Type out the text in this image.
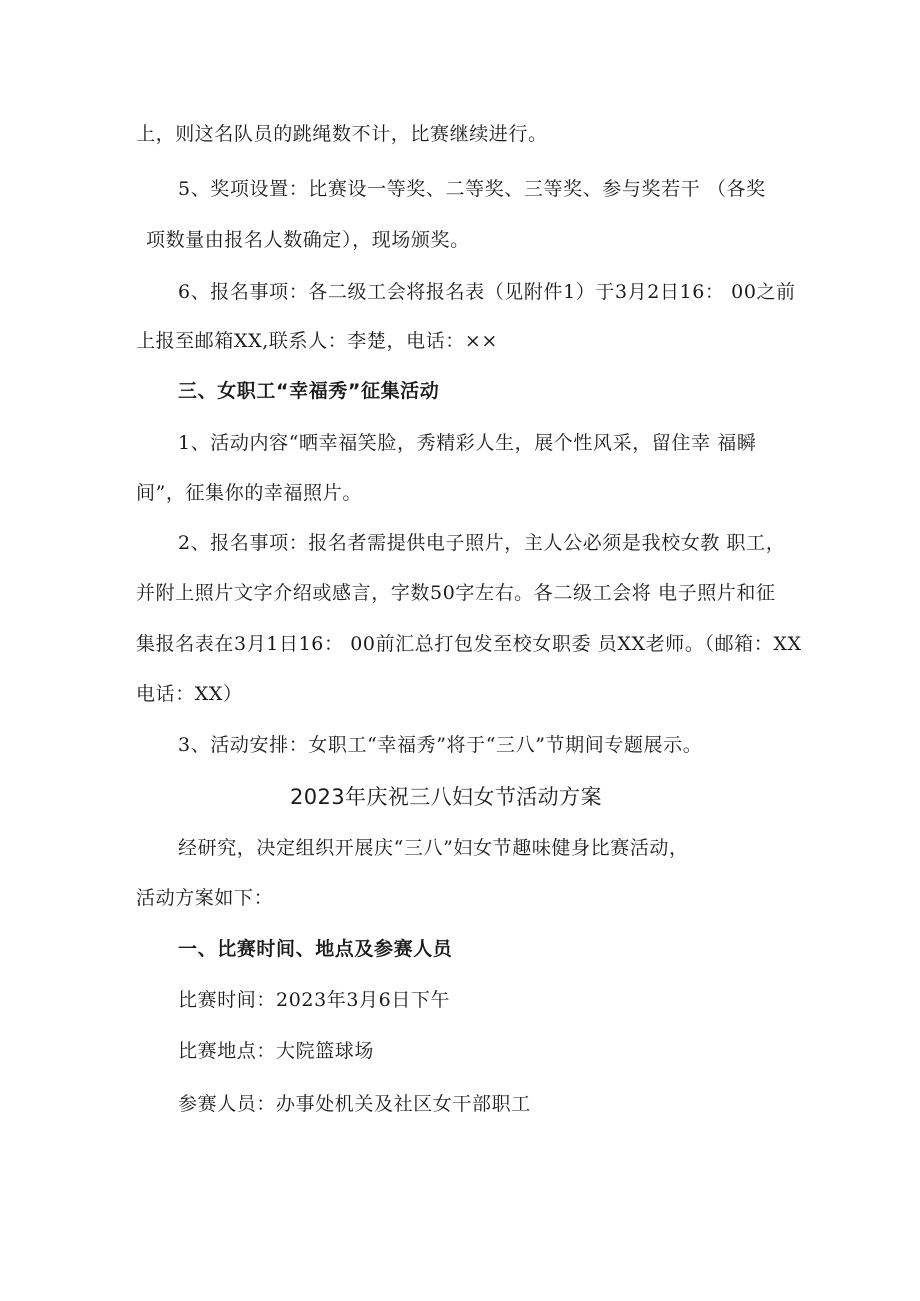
上，则这名队员的跳绳数不计，比赛继续进行。
5、奖项设置：比赛设一等奖、二等奖、三等奖、参与奖若干 （各奖
项数量由报名人数确定），现场颁奖。
6、报名事项：各二级工会将报名表（见附件1）于3月2日16： 00之前
上报至邮箱XX,联系人：李楚，电话：××
三、女职工“幸福秀”征集活动
1、活动内容“晒幸福笑脸，秀精彩人生，展个性风采，留住幸 福瞬
间”，征集你的幸福照片。
2、报名事项：报名者需提供电子照片，主人公必须是我校女教 职工，
并附上照片文字介绍或感言，字数50字左右。各二级工会将 电子照片和征
集报名表在3月1日16： 00前汇总打包发至校女职委 员XX老师。（邮箱：XX
电话：XX）
3、活动安排：女职工“幸福秀”将于“三八”节期间专题展示。
2023年庆祝三八妇女节活动方案
经研究，决定组织开展庆“三八”妇女节趣味健身比赛活动，
活动方案如下：
一、比赛时间、地点及参赛人员
比赛时间：2023年3月6日下午
比赛地点：大院篮球场
参赛人员：办事处机关及社区女干部职工
